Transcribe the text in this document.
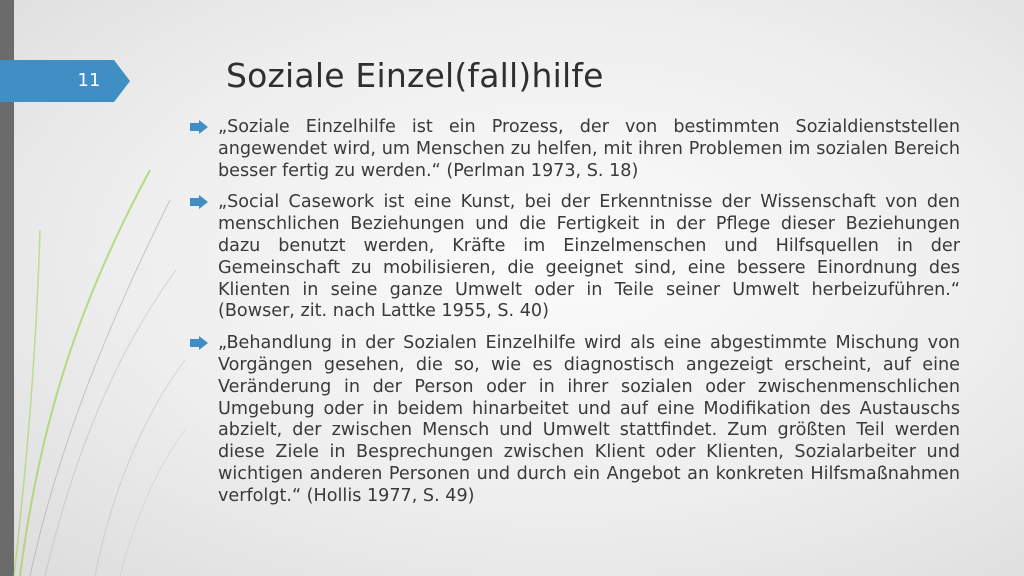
11	Soziale Einzel(fall)hilfe
„Soziale Einzelhilfe ist ein Prozess, der von bestimmten Sozialdienststellen angewendet wird, um Menschen zu helfen, mit ihren Problemen im sozialen Bereich besser fertig zu werden.“ (Perlman 1973, S. 18)
„Social Casework ist eine Kunst, bei der Erkenntnisse der Wissenschaft von den menschlichen Beziehungen und die Fertigkeit in der Pflege dieser Beziehungen dazu benutzt werden, Kräfte im Einzelmenschen und Hilfsquellen in der Gemeinschaft zu mobilisieren, die geeignet sind, eine bessere Einordnung des Klienten in seine ganze Umwelt oder in Teile seiner Umwelt herbeizuführen.“ (Bowser, zit. nach Lattke 1955, S. 40)
„Behandlung in der Sozialen Einzelhilfe wird als eine abgestimmte Mischung von Vorgängen gesehen, die so, wie es diagnostisch angezeigt erscheint, auf eine Veränderung in der Person oder in ihrer sozialen oder zwischenmenschlichen Umgebung oder in beidem hinarbeitet und auf eine Modifikation des Austauschs abzielt, der zwischen Mensch und Umwelt stattfindet. Zum größten Teil werden diese Ziele in Besprechungen zwischen Klient oder Klienten, Sozialarbeiter und wichtigen anderen Personen und durch ein Angebot an konkreten Hilfsmaßnahmen verfolgt.“ (Hollis 1977, S. 49)
